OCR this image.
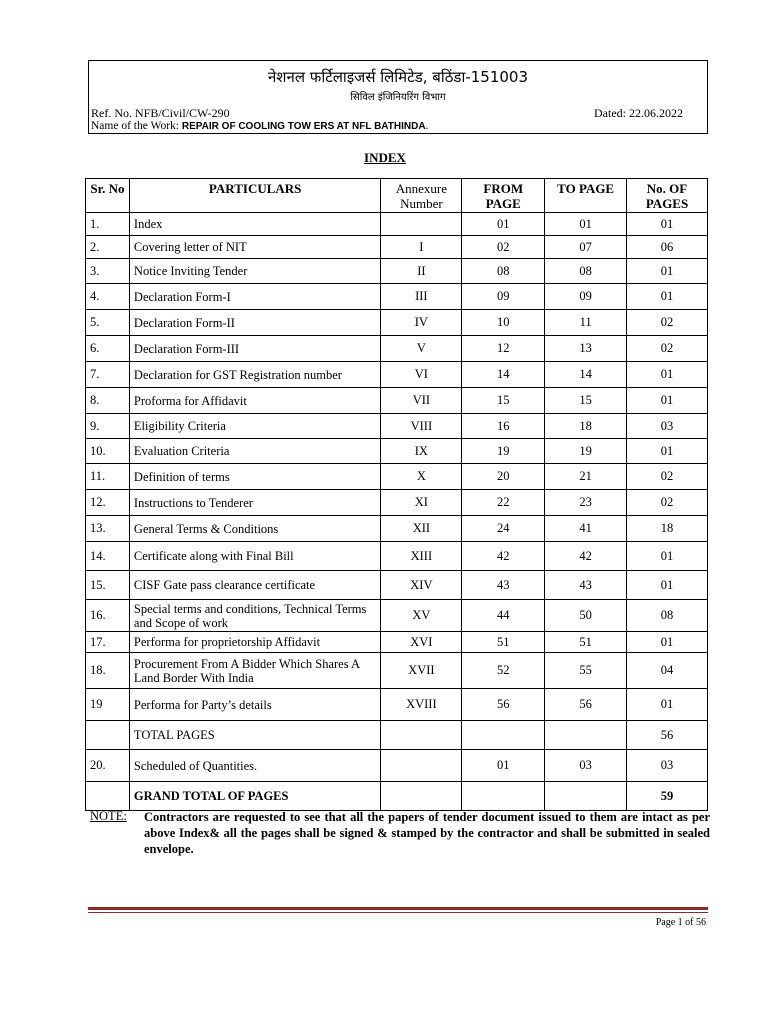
नेशनल फर्टिलाइजर्स लिमिटेड, बठिंडा-151003
सिविल इंजिनियरिंग विभाग
Ref. No. NFB/Civil/CW-290	Dated: 22.06.2022
Name of the Work: REPAIR OF COOLING TOW ERS AT NFL BATHINDA.
INDEX
Sr. No	PARTICULARS	Annexure Number	FROM PAGE	TO PAGE	No. OF PAGES
1.	Index		01	01	01
2.	Covering letter of NIT	I	02	07	06
3.	Notice Inviting Tender	II	08	08	01
4.	Declaration Form-I	III	09	09	01
5.	Declaration Form-II	IV	10	11	02
6.	Declaration Form-III	V	12	13	02
7.	Declaration for GST Registration number	VI	14	14	01
8.	Proforma for Affidavit	VII	15	15	01
9.	Eligibility Criteria	VIII	16	18	03
10.	Evaluation Criteria	IX	19	19	01
11.	Definition of terms	X	20	21	02
12.	Instructions to Tenderer	XI	22	23	02
13.	General Terms & Conditions	XII	24	41	18
14.	Certificate along with Final Bill	XIII	42	42	01
15.	CISF Gate pass clearance certificate	XIV	43	43	01
16.	Special terms and conditions, Technical Terms and Scope of work	XV	44	50	08
17.	Performa for proprietorship Affidavit	XVI	51	51	01
18.	Procurement From A Bidder Which Shares A Land Border With India	XVII	52	55	04
19	Performa for Party’s details	XVIII	56	56	01
	TOTAL PAGES				56
20.	Scheduled of Quantities.		01	03	03
	GRAND TOTAL OF PAGES				59
NOTE: Contractors are requested to see that all the papers of tender document issued to them are intact as per above Index& all the pages shall be signed & stamped by the contractor and shall be submitted in sealed envelope.
Page 1 of 56
